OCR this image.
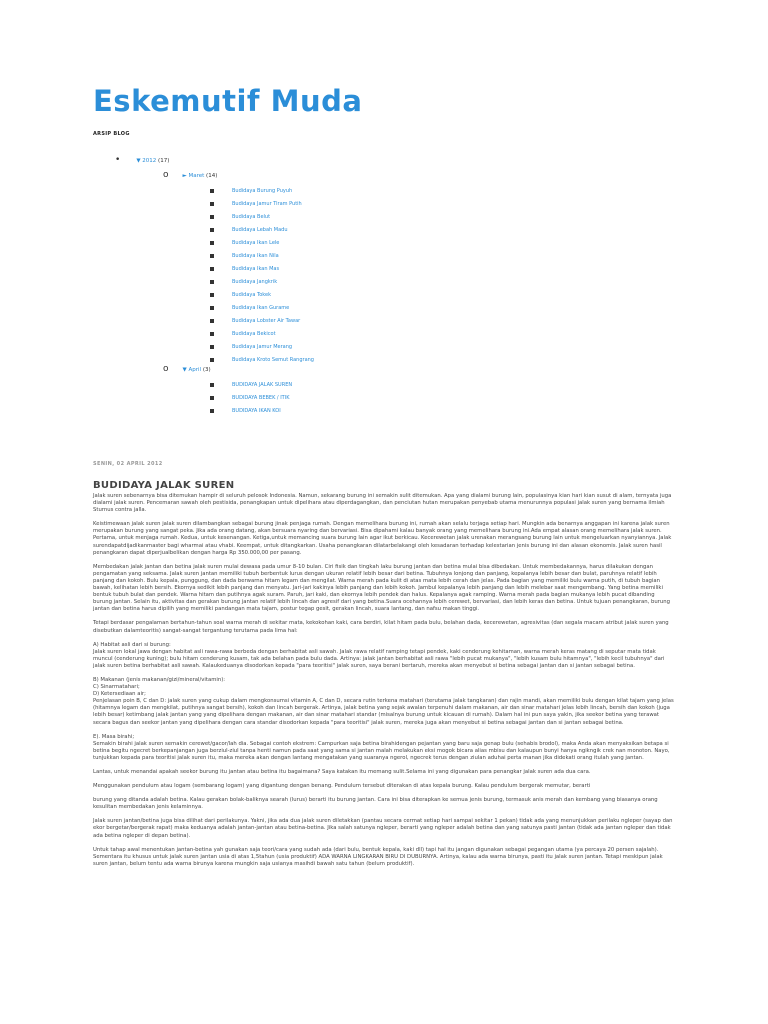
Eskemutif Muda
ARSIP BLOG
•	▼
2012
(17)
o	►
Maret
(14)
Budidaya Burung Puyuh
Budidaya Jamur Tiram Putih
Budidaya Belut
Budidaya Lebah Madu
Budidaya Ikan Lele
Budidaya Ikan Nila
Budidaya Ikan Mas
Budidaya Jangkrik
Budidaya Tokek
Budidaya Ikan Gurame
Budidaya Lobster Air Tawar
Budidaya Bekicot
Budidaya Jamur Merang
Budidaya Kroto Semut Rangrang
o	▼
April
(3)
BUDIDAYA JALAK SUREN
BUDIDAYA BEBEK / ITIK
BUDIDAYA IKAN KOI
SENIN, 02 APRIL 2012
BUDIDAYA JALAK SUREN

Jalak suren sebenarnya bisa ditemukan hampir di seluruh pelosok Indonesia. Namun, sekarang burung ini semakin sulit ditemukan. Apa yang dialami burung lain, populasinya kian hari kian susut di alam, ternyata juga dialami jalak suren. Pencemaran sawah oleh pestisida, penangkapan untuk dipelihara atau diperdagangkan, dan penciutan hutan merupakan penyebab utama menurunnya populasi jalak suren yang bernama ilmiah Sturnus contra jalla.

Keistimewaan jalak suren jalak suren dilambangkan sebagai burung jinak penjaga rumah. Dengan memelihara burung ini, rumah akan selalu terjaga setiap hari. Mungkin ada benarnya anggapan ini karena jalak suren merupakan burung yang sangat peka. Jika ada orang datang, akan bersuara nyaring dan bervariasi. Bisa dipahami kalau banyak orang yang memelihara burung ini.Ada empat alasan orang memelihara jalak suren. Pertama, untuk menjaga rumah. Kedua, untuk kesenangan. Ketiga,untuk memancing suara burung lain agar ikut berkicau. Kecerewetan jalak urenakan merangsang burung lain untuk mengeluarkan nyanyiannya. Jalak surendapatdijadikanmaster bagi wharmai atau vhabi. Keempat, untuk ditangkarkan. Usaha penangkaran dilatarbelakangi oleh kesadaran terhadap kelestarian jenis burung ini dan alasan ekonomis. Jalak suren hasil penangkaran dapat diperjualbelikan dengan harga Rp 350.000,00 per pasang.

Membedakan jalak jantan dan betina jalak suren mulai dewasa pada umur 8-10 bulan. Ciri fisik dan tingkah laku burung jantan dan betina mulai bisa dibedakan. Untuk membedakannya, harus dilakukan dengan pengamatan yang seksama. Jalak suren jantan memiliki tubuh berbentuk lurus dengan ukuran relatif lebih besar dari betina. Tubuhnya lonjong dan panjang, kepalanya lebih besar dan bulat, paruhnya relatif lebih panjang dan kokoh. Bulu kepala, punggung, dan dada berwarna hitam legam dan mengilat. Warna merah pada kulit di atas mata lebih cerah dan jelas. Pada bagian yang memiliki bulu warna putih, di tubuh bagian bawah, kelihatan lebih bersih. Ekornya sedikit lebih panjang dan menyatu. Jari-jari kakinya lebih panjang dan lebih kokoh. Jambul kepalanya lebih panjang dan lebih melebar saat mengembang. Yang betina memiliki bentuk tubuh bulat dan pendek. Warna hitam dan putihnya agak suram. Paruh, jari kaki, dan ekornya lebih pendek dan halus. Kepalanya agak ramping. Warna merah pada bagian mukanya lebih pucat dibanding burung jantan. Selain itu, aktivitas dan gerakan burung jantan relatif lebih lincah dan agresif dari yang betina.Suara ocehannya lebih cerewet, bervariasi, dan lebih keras dan betina. Untuk tujuan penangkaran, burung jantan dan betina harus dipilih yang memiliki pandangan mata tajam, postur tegap gesit, gerakan lincah, suara lantang, dan nafsu makan tinggi.

Tetapi berdasar pengalaman bertahun-tahun soal warna merah di sekitar mata, kekokohan kaki, cara berdiri, kilat hitam pada bulu, belahan dada, kecerewetan, agresivitas (dan segala macam atribut jalak suren yang disebutkan dalamteoritis) sangat-sangat tergantung terutama pada lima hal:

A) Habitat asli dari si burung:
Jalak suren lokal jawa dengan habitat asli rawa-rawa berbeda dengan berhabitat asli sawah. Jalak rawa relatif ramping tetapi pendek, kaki cenderung kehitaman, warna merah keras matang di seputar mata tidak muncul (cenderung kuning); bulu hitam cenderung kusam, tak ada belahan pada bulu dada. Artinya: jalak jantan berhabitat asli rawa "lebih pucat mukanya", "lebih kusam bulu hitamnya", "lebih kecil tubuhnya" dari jalak suren betina berhabitat asli sawah. Kalaukeduanya disodorkan kepada "para teoritisi" jalak suren, saya berani bertaruh, mereka akan menyebut si betina sebagai jantan dan si jantan sebagai betina.

B) Makanan (jenis makanan/gizi/mineral/vitamin):
C) Sinarmatahari;
D) Ketersediaan air;
Penjelasan poin B, C dan D: jalak suren yang cukup dalam mengkonsumsi vitamin A, C dan D, secara rutin terkena matahari (terutama jalak tangkaran) dan rajin mandi, akan memiliki bulu dengan kilat tajam yang jelas (hitamnya legam dan mengkilat, putihnya sangat bersih), kokoh dan lincah bergerak. Artinya, jalak betina yang sejak awalan terpenuhi dalam makanan, air dan sinar matahari jelas lebih lincah, bersih dan kokoh (juga lebih besar) ketimbang jalak jantan yang yang dipelihara dengan makanan, air dan sinar matahari standar (misalnya burung untuk kicauan di rumah). Dalam hal ini pun saya yakin, jika seekor betina yang terawat secara bagus dan seekor jantan yang dipelihara dengan cara standar disodorkan kepada "para teoritisi" jalak suren, mereka juga akan menyebut si betina sebagai jantan dan si jantan sebagai betina.

E). Masa birahi;
Semakin birahi jalak suren semakin cerewet/gacor/lah dia. Sebagai contoh ekstrem: Campurkan saja betina birahidengan pejantan yang baru saja genap bulu (sehabis brodol), maka Anda akan menyaksikan betapa si betina begitu ngecret berkepanjangan juga berziul-ziul tanpa henti namun pada saat yang sama si jantan malah melakukan eksi mogok bicara alias mbisu dan kalaupun bunyi hanya ngikngik crek nan monoton. Nayo, tunjukkan kepada para teoritisi jalak suren itu, maka mereka akan dengan lantang mengatakan yang suaranya ngerol, ngecrek terus dengan ziulan aduhai perta manan jika didekati orang itulah yang jantan.

Lantas, untuk menandai apakah seekor burung itu jantan atau betina itu bagaimana? Saya katakan itu memang sulit.Selama ini yang digunakan para penangkar jalak suren ada dua cara.

Menggunakan pendulum atau logam (sembarang logam) yang digantung dengan benang. Pendulum tersebut diterakan di atas kepala burung. Kalau pendulum bergerak memutar, berarti

burung yang ditanda adalah betina. Kalau gerakan bolak-baliknya searah (lurus) berarti itu burung jantan. Cara ini bisa diterapkan ke semua jenis burung, termasuk anis merah dan kembang yang biasanya orang kesulitan membedakan jenis kelaminnya.

Jalak suren jantan/betina juga bisa dilihat dari perilakunya. Yakni, jika ada dua jalak suren diletakkan (pantau secara cermat setiap hari sampai sekitar 1 pekan) tidak ada yang menunjukkan perilaku ngleper (sayap dan ekor bergetar/bergerak rapat) maka keduanya adalah jantan-jantan atau betina-betina. Jika salah satunya ngleper, berarti yang ngleper adalah betina dan yang satunya pasti jantan (tidak ada jantan ngleper dan tidak ada betina ngleper di depan betina).

Untuk tahap awal menentukan jantan-betina yah gunakan saja teori/cara yang sudah ada (dari bulu, bentuk kepala, kaki dll) tapi hal itu jangan digunakan sebagai pegangan utama (ya percaya 20 persen sajalah). Sementara itu khusus untuk jalak suren jantan usia di atas 1,5tahun (usia produktif) ADA WARNA LINGKARAN BIRU DI DUBURNYA. Artinya, kalau ada warna birunya, pasti itu jalak suren jantan. Tetapi meskipun jalak suren jantan, belum tentu ada warna birunya karena mungkin saja usianya masihdi bawah satu tahun (belum produktif).
